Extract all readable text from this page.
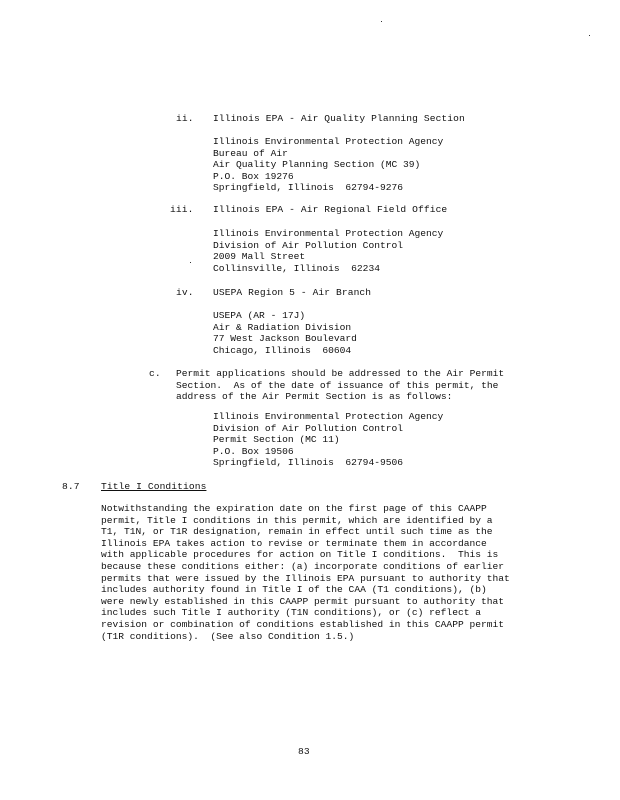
ii. Illinois EPA - Air Quality Planning Section
Illinois Environmental Protection Agency
Bureau of Air
Air Quality Planning Section (MC 39)
P.O. Box 19276
Springfield, Illinois  62794-9276
iii. Illinois EPA - Air Regional Field Office
Illinois Environmental Protection Agency
Division of Air Pollution Control
2009 Mall Street
Collinsville, Illinois  62234
iv. USEPA Region 5 - Air Branch
USEPA (AR - 17J)
Air & Radiation Division
77 West Jackson Boulevard
Chicago, Illinois  60604
c. Permit applications should be addressed to the Air Permit
Section.  As of the date of issuance of this permit, the
address of the Air Permit Section is as follows:
Illinois Environmental Protection Agency
Division of Air Pollution Control
Permit Section (MC 11)
P.O. Box 19506
Springfield, Illinois  62794-9506
8.7 Title I Conditions
Notwithstanding the expiration date on the first page of this CAAPP
permit, Title I conditions in this permit, which are identified by a
T1, T1N, or T1R designation, remain in effect until such time as the
Illinois EPA takes action to revise or terminate them in accordance
with applicable procedures for action on Title I conditions.  This is
because these conditions either: (a) incorporate conditions of earlier
permits that were issued by the Illinois EPA pursuant to authority that
includes authority found in Title I of the CAA (T1 conditions), (b)
were newly established in this CAAPP permit pursuant to authority that
includes such Title I authority (T1N conditions), or (c) reflect a
revision or combination of conditions established in this CAAPP permit
(T1R conditions).  (See also Condition 1.5.)
83
